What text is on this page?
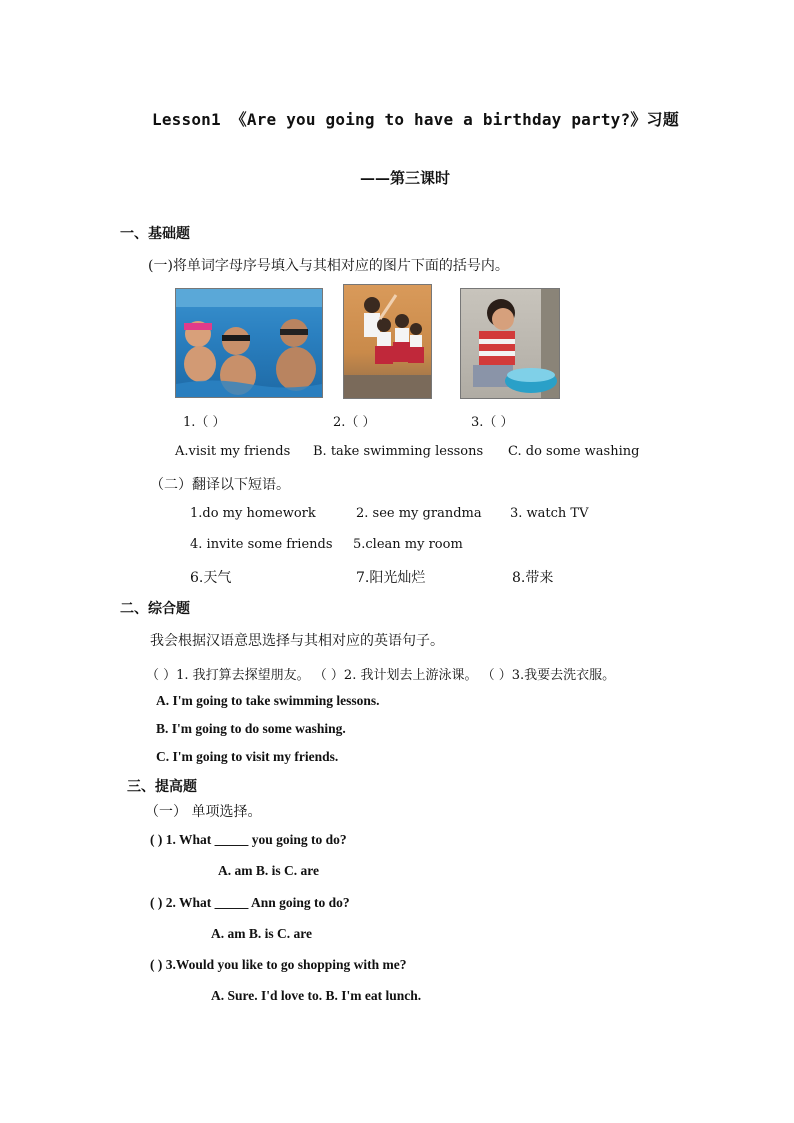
Lesson1 《Are you going to have a birthday party?》习题
——第三课时
一、基础题
(一)将单词字母序号填入与其相对应的图片下面的括号内。
1.（ ）	2.（ ）	3.（ ）
A.visit my friends B. take swimming lessons C. do some washing
（二）翻译以下短语。
1.do my homework	2. see my grandma 3. watch TV
4. invite some friends 5.clean my room
6.天气	7.阳光灿烂	8.带来
二、综合题
我会根据汉语意思选择与其相对应的英语句子。
（ ）1. 我打算去探望朋友。 （ ）2. 我计划去上游泳课。 （ ）3.我要去洗衣服。
A. I'm going to take swimming lessons.
B. I'm going to do some washing.
C. I'm going to visit my friends.
三、提高题
（一） 单项选择。
( ) 1. What _____ you going to do?
A. am B. is C. are
( ) 2. What _____ Ann going to do?
A. am B. is C. are
( ) 3.Would you like to go shopping with me?
A. Sure. I'd love to. B. I'm eat lunch.
